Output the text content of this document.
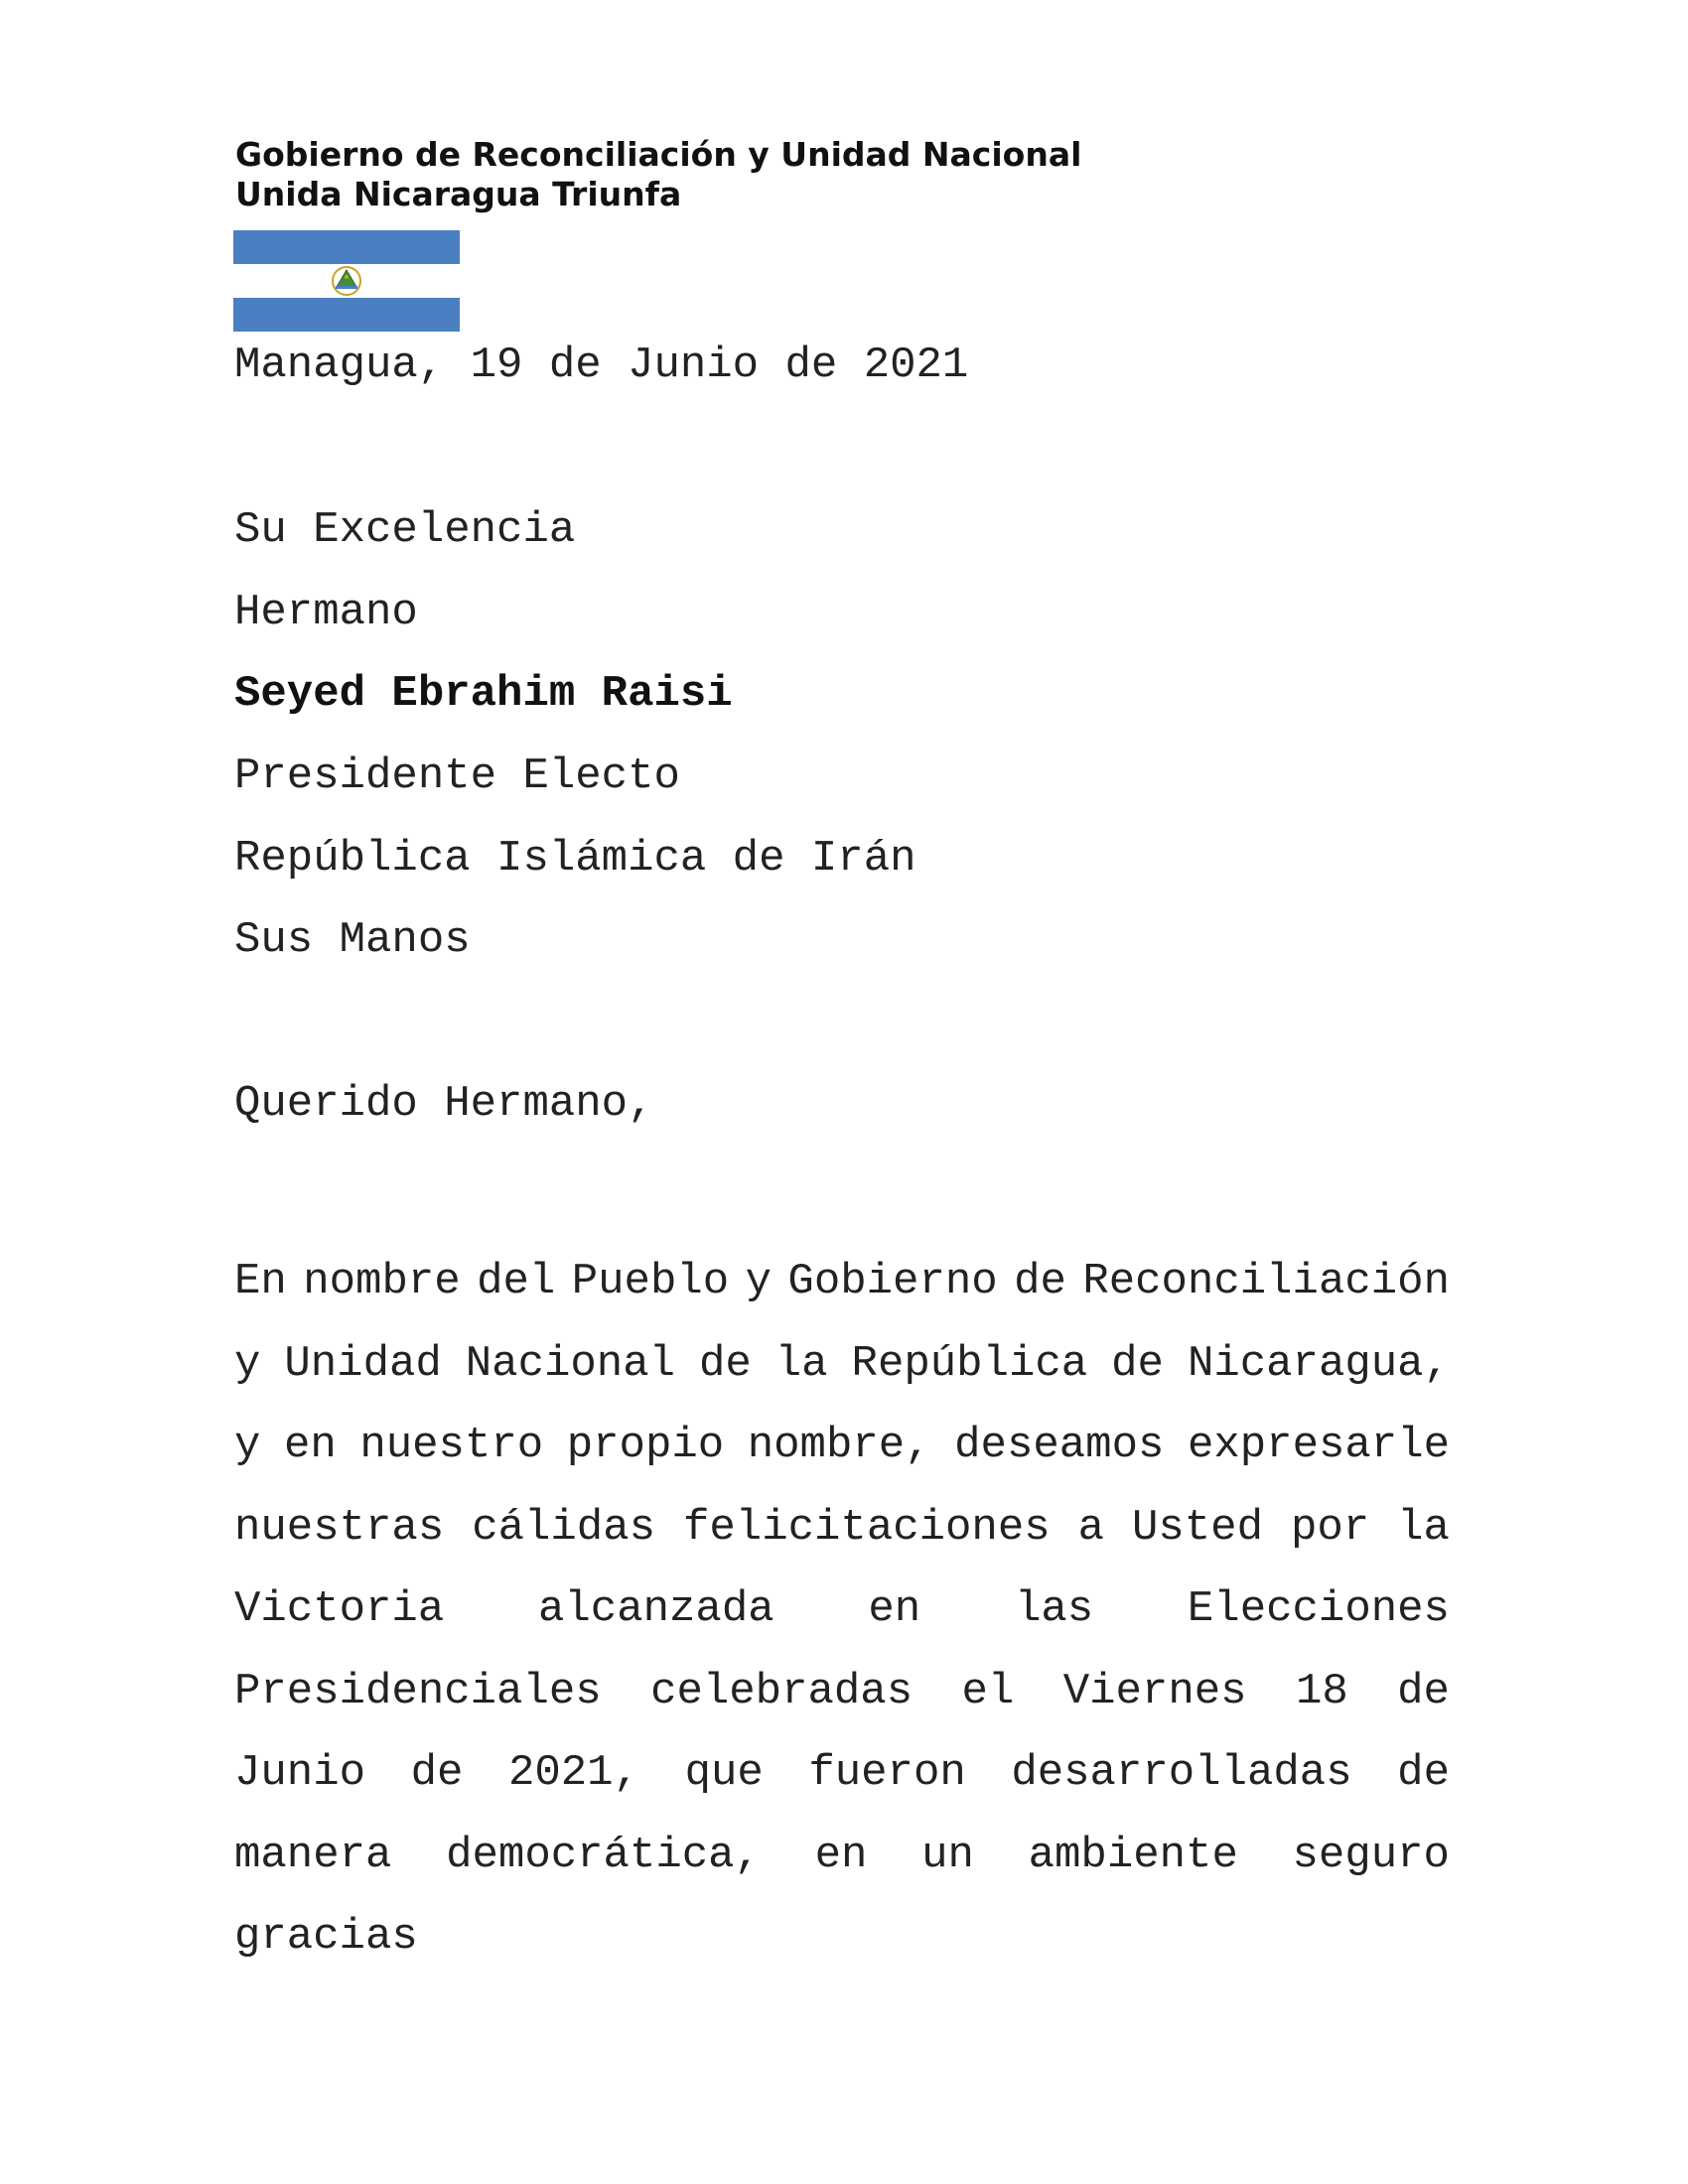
Gobierno de Reconciliación y Unidad Nacional
Unida Nicaragua Triunfa
Managua, 19 de Junio de 2021
Su Excelencia
Hermano
Seyed Ebrahim Raisi
Presidente Electo
República Islámica de Irán
Sus Manos
Querido Hermano,
En nombre del Pueblo y Gobierno de Reconciliación
y Unidad Nacional de la República de Nicaragua,
y en nuestro propio nombre, deseamos expresarle
nuestras cálidas felicitaciones a Usted por la
Victoria alcanzada en las Elecciones
Presidenciales celebradas el Viernes 18 de
Junio de 2021, que fueron desarrolladas de
manera democrática, en un ambiente seguro
gracias
